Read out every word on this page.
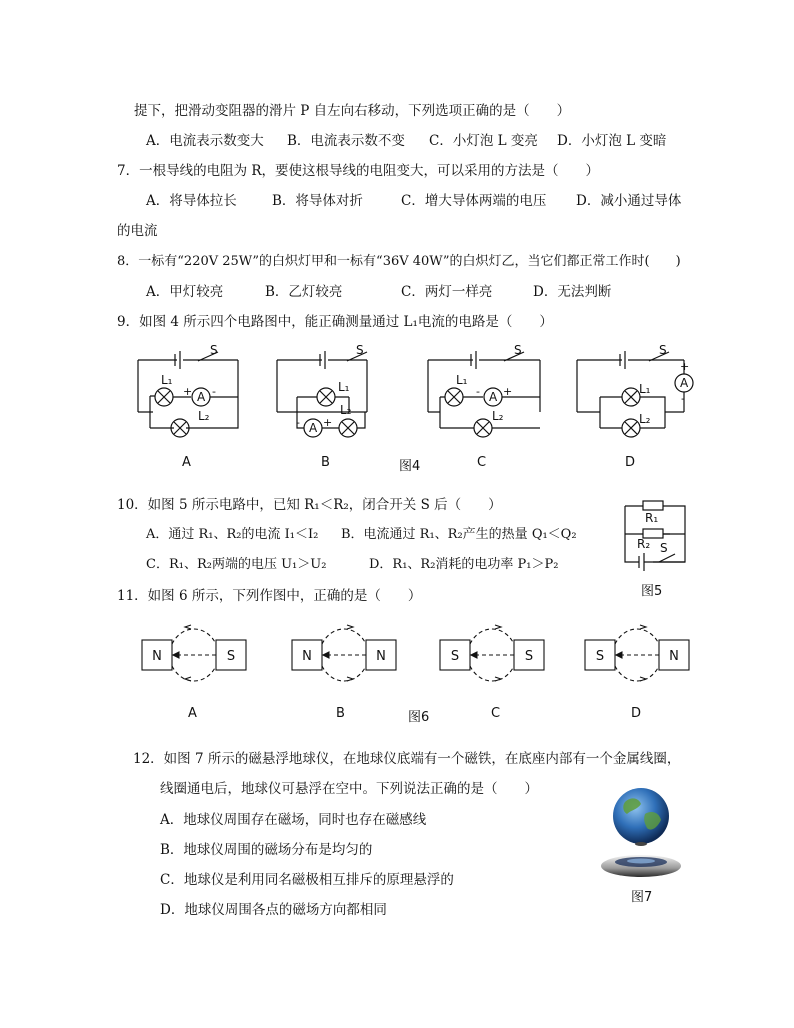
提下，把滑动变阻器的滑片 P 自左向右移动，下列选项正确的是（　　）
A．电流表示数变大 B．电流表示数不变 C．小灯泡 L 变亮 D．小灯泡 L 变暗
7．一根导线的电阻为 R，要使这根导线的电阻变大，可以采用的方法是（　　）
A．将导体拉长	B．将导体对折	C．增大导体两端的电压 D．减小通过导体
的电流
8．一标有“220V 25W”的白炽灯甲和一标有“36V 40W”的白炽灯乙，当它们都正常工作时(　　)
A．甲灯较亮	B．乙灯较亮	C．两灯一样亮	D．无法判断
9．如图 4 所示四个电路图中，能正确测量通过 L₁电流的电路是（　　）
S
L₁
A
+ -
L₂
S
L₁
L₂
A
- +
S
L₁
A
- +
L₂
S
A
+
-
L₁
L₂
A	B	图4	C	D
10．如图 5 所示电路中，已知 R₁＜R₂，闭合开关 S 后（　　）
A．通过 R₁、R₂的电流 I₁＜I₂ B．电流通过 R₁、R₂产生的热量 Q₁＜Q₂
C．R₁、R₂两端的电压 U₁＞U₂	D．R₁、R₂消耗的电功率 P₁＞P₂
R₁
R₂ S
图5
11．如图 6 所示，下列作图中，正确的是（　　）
N	S	N	N	S	S	S	N
A	B	图6	C	D
12．如图 7 所示的磁悬浮地球仪，在地球仪底端有一个磁铁，在底座内部有一个金属线圈，
线圈通电后，地球仪可悬浮在空中。下列说法正确的是（　　）
A．地球仪周围存在磁场，同时也存在磁感线
B．地球仪周围的磁场分布是均匀的
C．地球仪是利用同名磁极相互排斥的原理悬浮的
D．地球仪周围各点的磁场方向都相同
图7
